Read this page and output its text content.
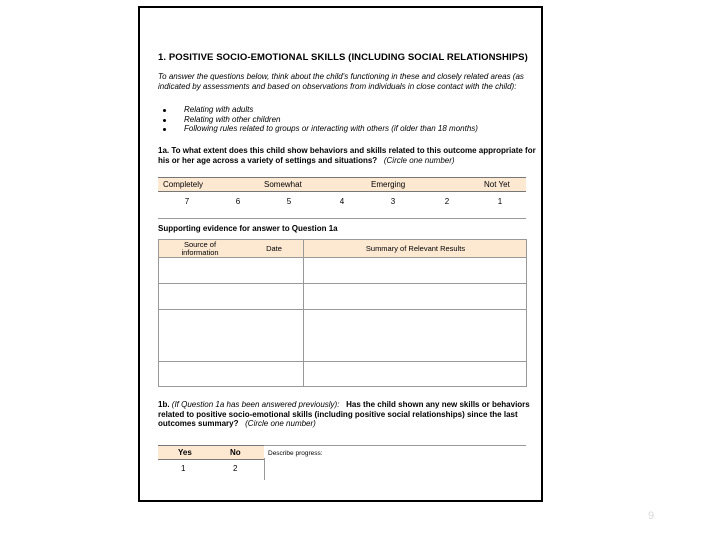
1. POSITIVE SOCIO-EMOTIONAL SKILLS (INCLUDING SOCIAL RELATIONSHIPS)
To answer the questions below, think about the child's functioning in these and closely related areas (as indicated by assessments and based on observations from individuals in close contact with the child):
Relating with adults
Relating with other children
Following rules related to groups or interacting with others (if older than 18 months)
1a. To what extent does this child show behaviors and skills related to this outcome appropriate for his or her age across a variety of settings and situations? (Circle one number)
Completely	Somewhat	Emerging	Not Yet
7	6	5	4	3	2	1
Supporting evidence for answer to Question 1a
Source of information	Date	Summary of Relevant Results
1b. (If Question 1a has been answered previously): Has the child shown any new skills or behaviors related to positive socio-emotional skills (including positive social relationships) since the last outcomes summary? (Circle one number)
Yes	No
1	2
Describe progress:
9
